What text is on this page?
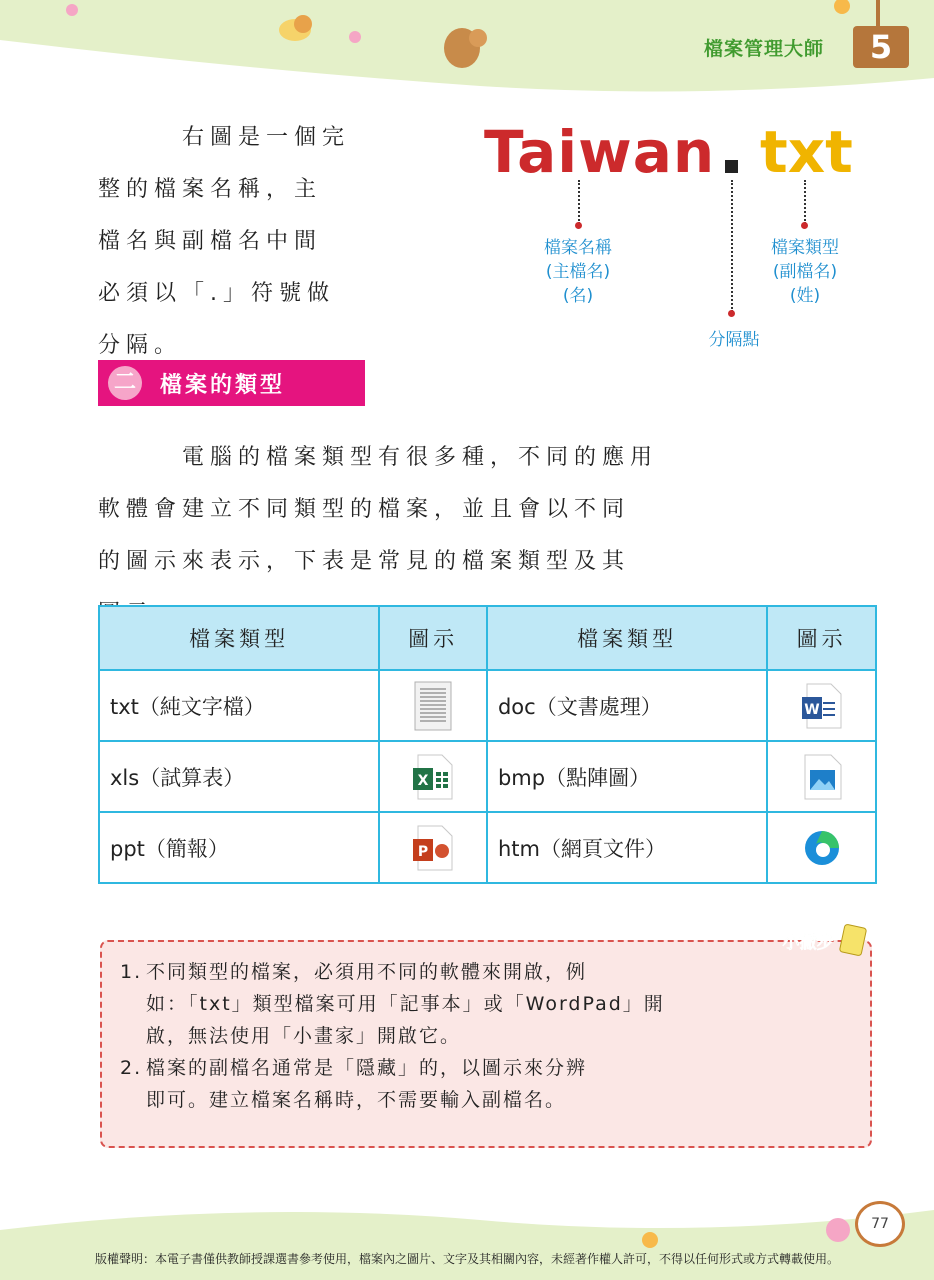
檔案管理大師	5
右圖是一個完
整的檔案名稱，主
檔名與副檔名中間
必須以「.」符號做
分隔。
Taiwan txt
檔案名稱
(主檔名)
(名)
檔案類型
(副檔名)
(姓)
分隔點
二 檔案的類型
電腦的檔案類型有很多種，不同的應用
軟體會建立不同類型的檔案，並且會以不同
的圖示來表示，下表是常見的檔案類型及其
檔案類型	圖示	檔案類型	圖示
txt（純文字檔）		doc（文書處理）	W

xls（試算表）	X	bmp（點陣圖）	
ppt（簡報）	P	htm（網頁文件）	
小撇步
1. 不同類型的檔案，必須用不同的軟體來開啟，例
如：「txt」類型檔案可用「記事本」或「WordPad」開
啟，無法使用「小畫家」開啟它。
2. 檔案的副檔名通常是「隱藏」的，以圖示來分辨
即可。建立檔案名稱時，不需要輸入副檔名。
77
版權聲明：本電子書僅供教師授課選書參考使用，檔案內之圖片、文字及其相關內容，未經著作權人許可，不得以任何形式或方式轉載使用。
